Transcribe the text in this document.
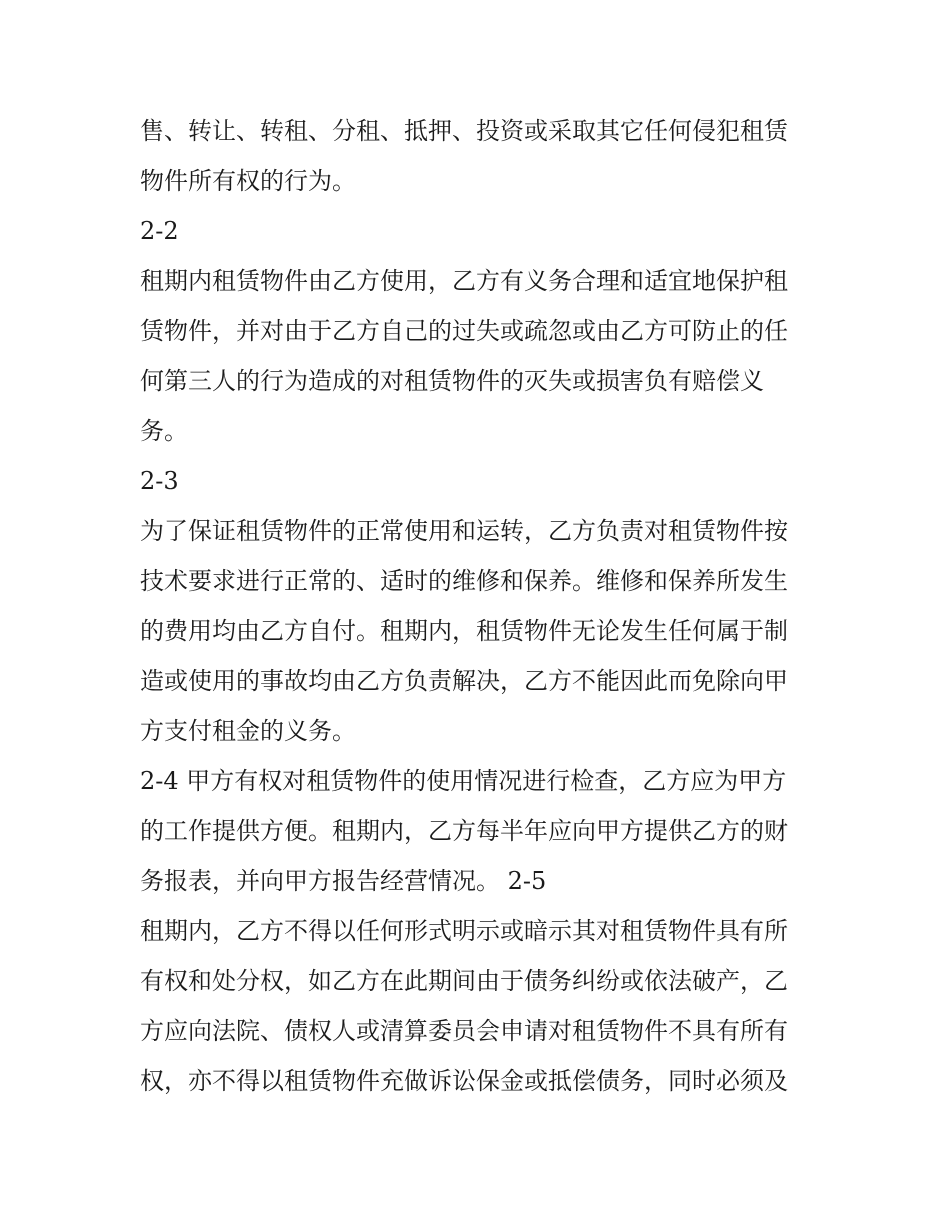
售、转让、转租、分租、抵押、投资或采取其它任何侵犯租赁
物件所有权的行为。
2-2
租期内租赁物件由乙方使用，乙方有义务合理和适宜地保护租
赁物件，并对由于乙方自己的过失或疏忽或由乙方可防止的任
何第三人的行为造成的对租赁物件的灭失或损害负有赔偿义
务。
2-3
为了保证租赁物件的正常使用和运转，乙方负责对租赁物件按
技术要求进行正常的、适时的维修和保养。维修和保养所发生
的费用均由乙方自付。租期内，租赁物件无论发生任何属于制
造或使用的事故均由乙方负责解决，乙方不能因此而免除向甲
方支付租金的义务。
2-4 甲方有权对租赁物件的使用情况进行检查，乙方应为甲方
的工作提供方便。租期内，乙方每半年应向甲方提供乙方的财
务报表，并向甲方报告经营情况。 2-5
租期内，乙方不得以任何形式明示或暗示其对租赁物件具有所
有权和处分权，如乙方在此期间由于债务纠纷或依法破产，乙
方应向法院、债权人或清算委员会申请对租赁物件不具有所有
权，亦不得以租赁物件充做诉讼保金或抵偿债务，同时必须及
